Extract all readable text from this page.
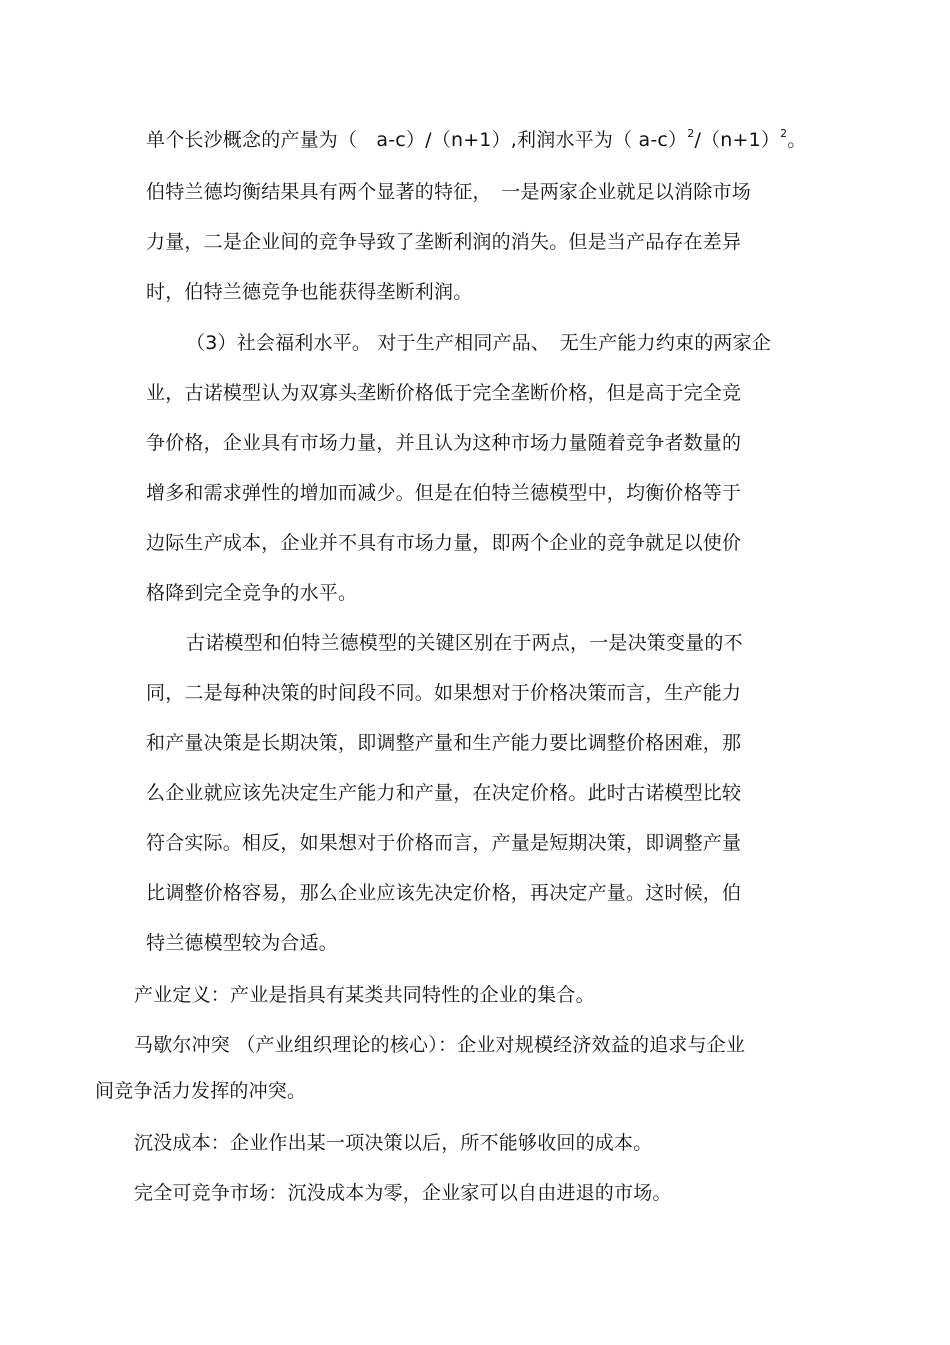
单个长沙概念的产量为（　a-c）/（n+1）,利润水平为（ $a-c)^2/(n+1)^2$。
伯特兰德均衡结果具有两个显著的特征，　一是两家企业就足以消除市场
力量，二是企业间的竞争导致了垄断利润的消失。但是当产品存在差异
时，伯特兰德竞争也能获得垄断利润。
（3）社会福利水平。 对于生产相同产品、　无生产能力约束的两家企
业，古诺模型认为双寡头垄断价格低于完全垄断价格，但是高于完全竞
争价格，企业具有市场力量，并且认为这种市场力量随着竞争者数量的
增多和需求弹性的增加而减少。但是在伯特兰德模型中，均衡价格等于
边际生产成本，企业并不具有市场力量，即两个企业的竞争就足以使价
格降到完全竞争的水平。
古诺模型和伯特兰德模型的关键区别在于两点，一是决策变量的不
同，二是每种决策的时间段不同。如果想对于价格决策而言，生产能力
和产量决策是长期决策，即调整产量和生产能力要比调整价格困难，那
么企业就应该先决定生产能力和产量，在决定价格。此时古诺模型比较
符合实际。相反，如果想对于价格而言，产量是短期决策，即调整产量
比调整价格容易，那么企业应该先决定价格，再决定产量。这时候，伯
特兰德模型较为合适。
产业定义：产业是指具有某类共同特性的企业的集合。
马歇尔冲突 （产业组织理论的核心）：企业对规模经济效益的追求与企业
间竞争活力发挥的冲突。
沉没成本：企业作出某一项决策以后，所不能够收回的成本。
完全可竞争市场：沉没成本为零，企业家可以自由进退的市场。
